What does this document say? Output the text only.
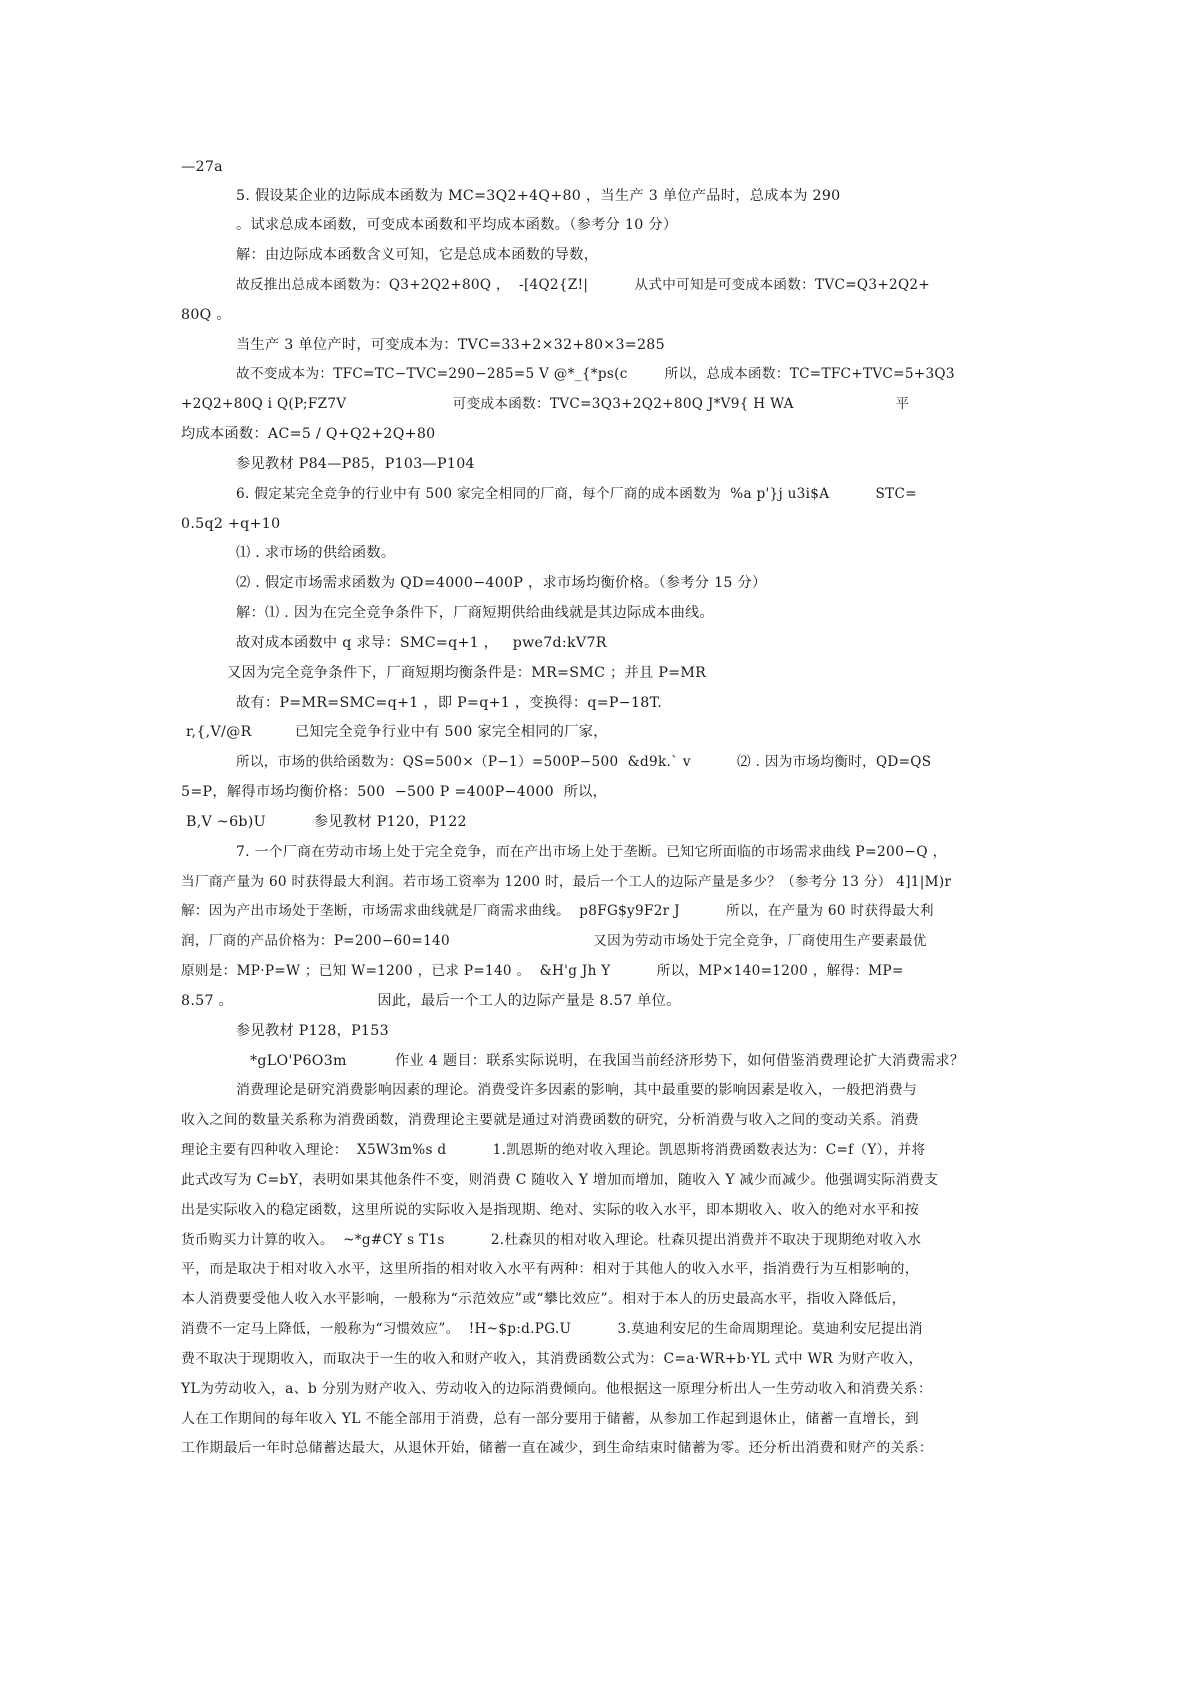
—27a
5. 假设某企业的边际成本函数为 MC=3Q2+4Q+80 ，当生产 3 单位产品时，总成本为 290
。试求总成本函数，可变成本函数和平均成本函数。（参考分 10 分）
解：由边际成本函数含义可知，它是总成本函数的导数，
故反推出总成本函数为：Q3+2Q2+80Q ，  -[4Q2{Z!|          从式中可知是可变成本函数：TVC=Q3+2Q2+
80Q 。
当生产 3 单位产时，可变成本为：TVC=33+2×32+80×3=285
故不变成本为：TFC=TC−TVC=290−285=5 V @*_{*ps(c        所以，总成本函数：TC=TFC+TVC=5+3Q3
+2Q2+80Q i Q(P;FZ7V                       可变成本函数：TVC=3Q3+2Q2+80Q J*V9{ H WA                      平
均成本函数：AC=5 / Q+Q2+2Q+80
参见教材 P84—P85，P103—P104
6. 假定某完全竞争的行业中有 500 家完全相同的厂商，每个厂商的成本函数为  %a p'}j u3i$A          STC=
0.5q2 +q+10
⑴ . 求市场的供给函数。
⑵ . 假定市场需求函数为 QD=4000−400P ，求市场均衡价格。（参考分 15 分）
解：⑴ . 因为在完全竞争条件下，厂商短期供给曲线就是其边际成本曲线。
故对成本函数中 q 求导：SMC=q+1 ，   pwe7d:kV7R
又因为完全竞争条件下，厂商短期均衡条件是：MR=SMC ；并且 P=MR
故有：P=MR=SMC=q+1 ，即 P=q+1 ，变换得：q=P−18T.
r,{,V/@R         已知完全竞争行业中有 500 家完全相同的厂家，
所以，市场的供给函数为：QS=500×（P−1）=500P−500  &d9k.` v          ⑵ . 因为市场均衡时，QD=QS
5=P，解得市场均衡价格：500  −500 P =400P−4000  所以，
B,V ~6b)U          参见教材 P120，P122
7. 一个厂商在劳动市场上处于完全竞争，而在产出市场上处于垄断。已知它所面临的市场需求曲线 P=200−Q ，
当厂商产量为 60 时获得最大利润。若市场工资率为 1200 时，最后一个工人的边际产量是多少？（参考分 13 分） 4]1|M)r
解：因为产出市场处于垄断，市场需求曲线就是厂商需求曲线。  p8FG$y9F2r J          所以，在产量为 60 时获得最大利
润，厂商的产品价格为：P=200−60=140                               又因为劳动市场处于完全竞争，厂商使用生产要素最优
原则是：MP·P=W ；已知 W=1200 ，已求 P=140 。  &H'g Jh Y          所以，MP×140=1200 ，解得：MP=
8.57 。                              因此，最后一个工人的边际产量是 8.57 单位。
参见教材 P128，P153
*gLO'P6O3m          作业 4 题目：联系实际说明，在我国当前经济形势下，如何借鉴消费理论扩大消费需求？
消费理论是研究消费影响因素的理论。消费受许多因素的影响，其中最重要的影响因素是收入，一般把消费与
收入之间的数量关系称为消费函数，消费理论主要就是通过对消费函数的研究，分析消费与收入之间的变动关系。消费
理论主要有四种收入理论：  X5W3m%s d          1.凯恩斯的绝对收入理论。凯恩斯将消费函数表达为：C=f（Y），并将
此式改写为 C=bY，表明如果其他条件不变，则消费 C 随收入 Y 增加而增加，随收入 Y 减少而减少。他强调实际消费支
出是实际收入的稳定函数，这里所说的实际收入是指现期、绝对、实际的收入水平，即本期收入、收入的绝对水平和按
货币购买力计算的收入。  ~*g#CY s T1s          2.杜森贝的相对收入理论。杜森贝提出消费并不取决于现期绝对收入水
平，而是取决于相对收入水平，这里所指的相对收入水平有两种：相对于其他人的收入水平，指消费行为互相影响的，
本人消费要受他人收入水平影响，一般称为“示范效应”或“攀比效应”。相对于本人的历史最高水平，指收入降低后，
消费不一定马上降低，一般称为“习惯效应”。  !H~$p:d.PG.U          3.莫迪利安尼的生命周期理论。莫迪利安尼提出消
费不取决于现期收入，而取决于一生的收入和财产收入，其消费函数公式为：C=a·WR+b·YL 式中 WR 为财产收入，
YL为劳动收入，a、b 分别为财产收入、劳动收入的边际消费倾向。他根据这一原理分析出人一生劳动收入和消费关系：
人在工作期间的每年收入 YL 不能全部用于消费，总有一部分要用于储蓄，从参加工作起到退休止，储蓄一直增长，到
工作期最后一年时总储蓄达最大，从退休开始，储蓄一直在减少，到生命结束时储蓄为零。还分析出消费和财产的关系：
